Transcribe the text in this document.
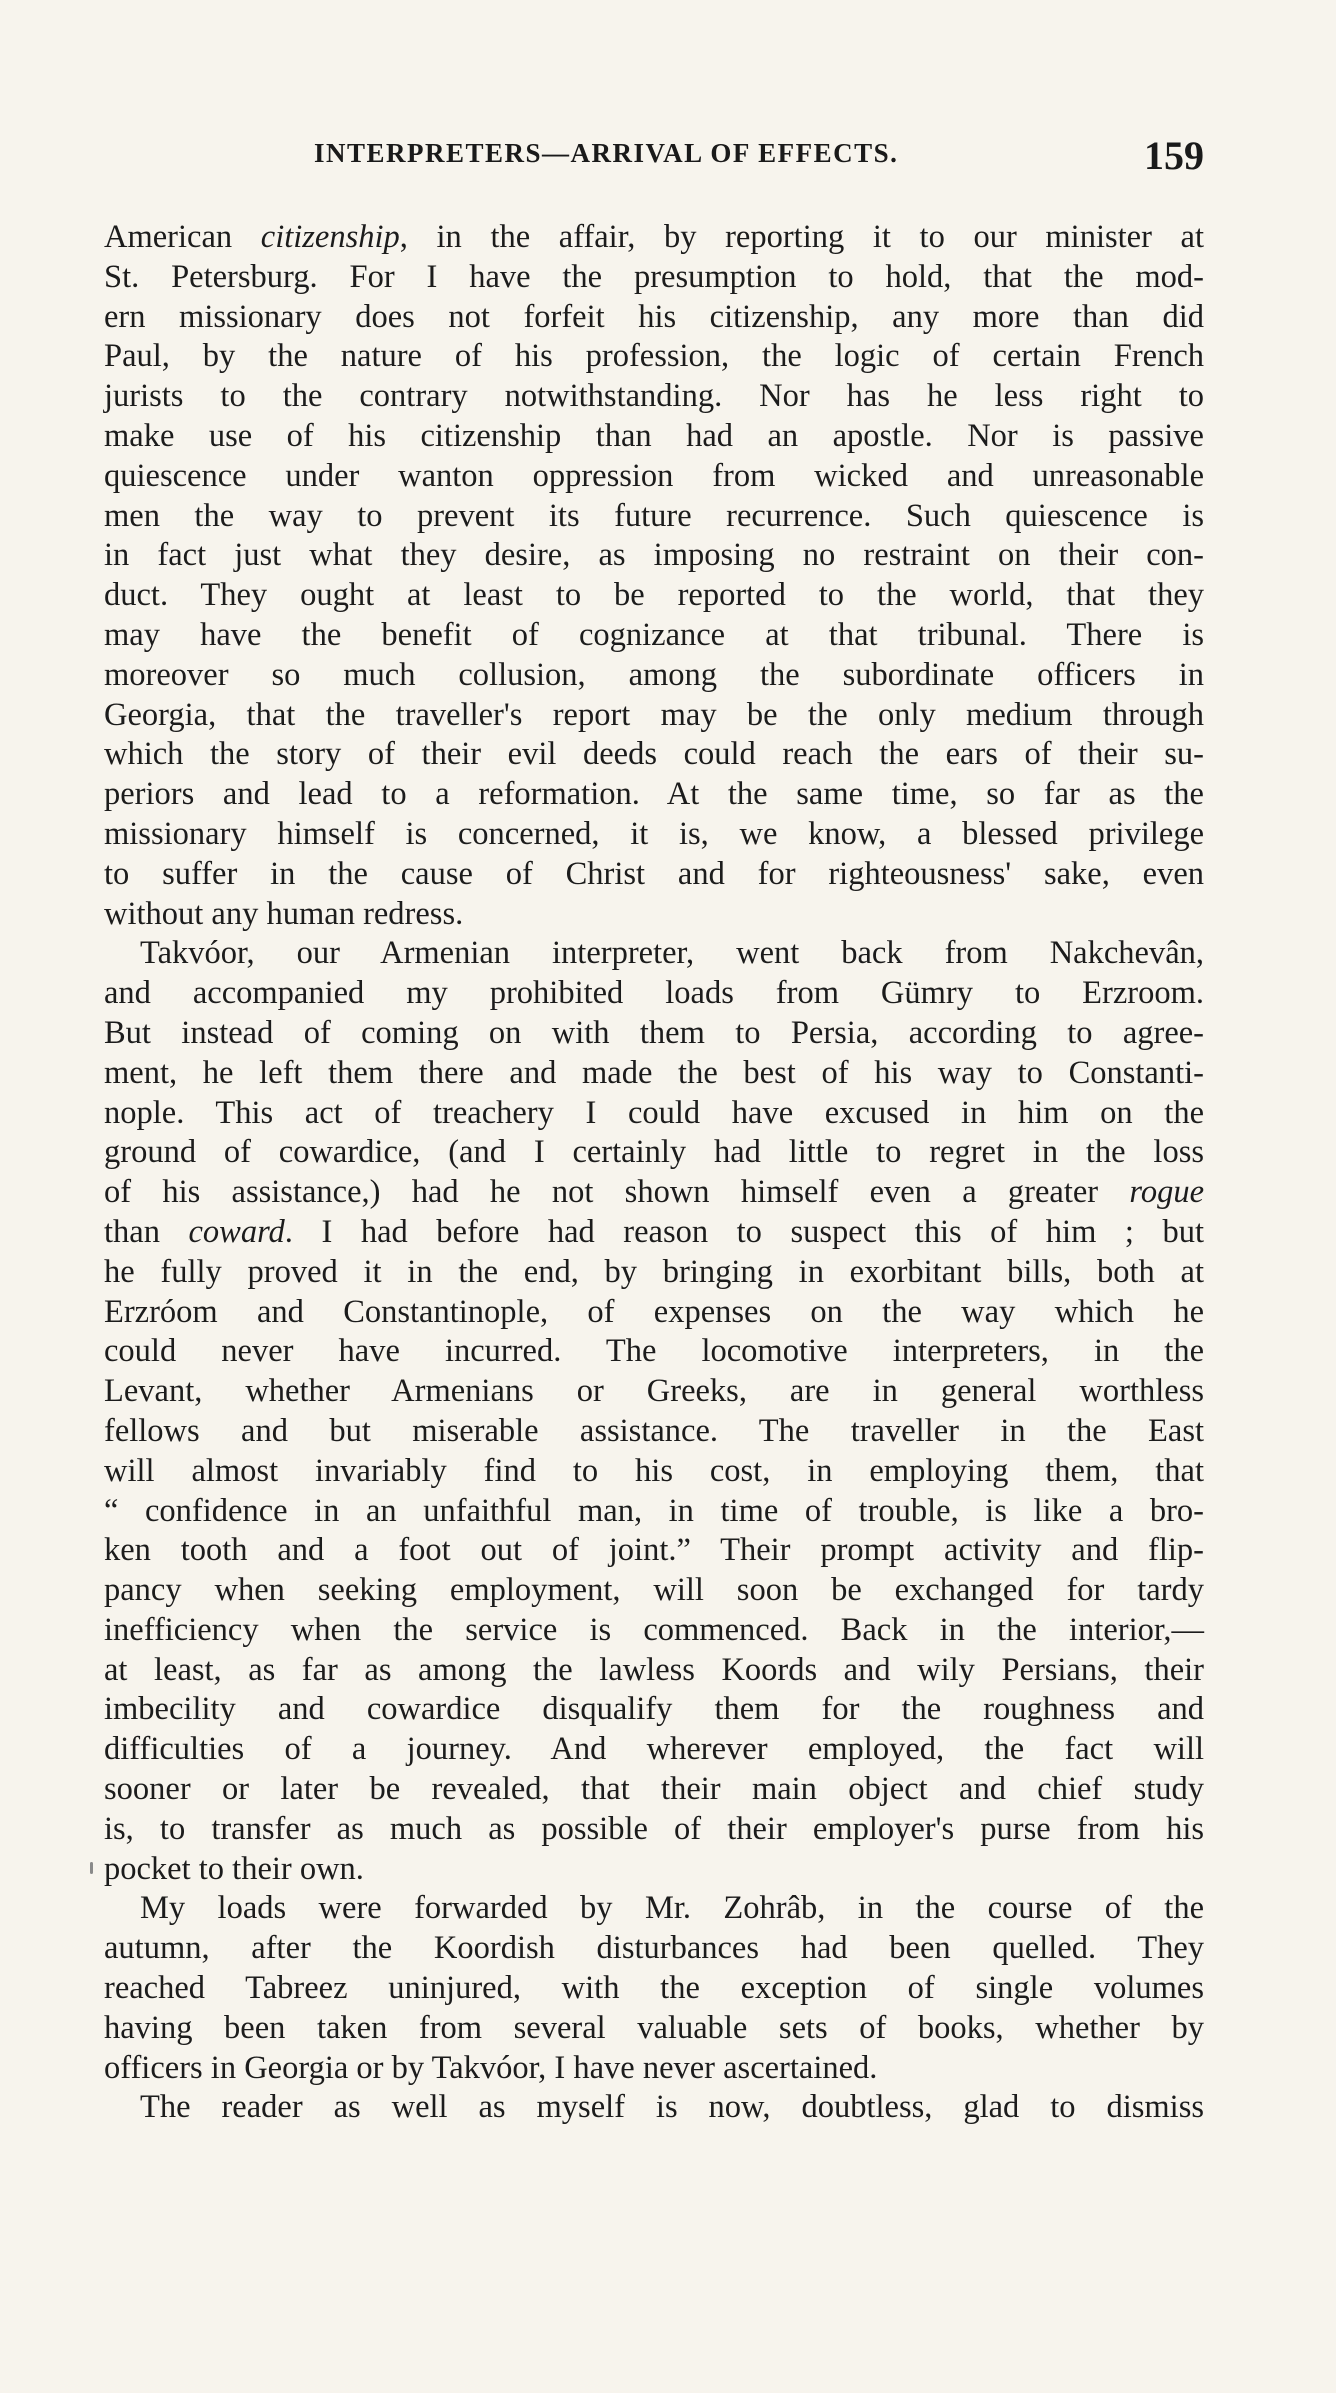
INTERPRETERS—ARRIVAL OF EFFECTS.	159
American citizenship, in the affair, by reporting it to our minister at
St. Petersburg. For I have the presumption to hold, that the mod-
ern missionary does not forfeit his citizenship, any more than did
Paul, by the nature of his profession, the logic of certain French
jurists to the contrary notwithstanding. Nor has he less right to
make use of his citizenship than had an apostle. Nor is passive
quiescence under wanton oppression from wicked and unreasonable
men the way to prevent its future recurrence. Such quiescence is
in fact just what they desire, as imposing no restraint on their con-
duct. They ought at least to be reported to the world, that they
may have the benefit of cognizance at that tribunal. There is
moreover so much collusion, among the subordinate officers in
Georgia, that the traveller's report may be the only medium through
which the story of their evil deeds could reach the ears of their su-
periors and lead to a reformation. At the same time, so far as the
missionary himself is concerned, it is, we know, a blessed privilege
to suffer in the cause of Christ and for righteousness' sake, even
without any human redress.
Takvóor, our Armenian interpreter, went back from Nakchevân,
and accompanied my prohibited loads from Gümry to Erzroom.
But instead of coming on with them to Persia, according to agree-
ment, he left them there and made the best of his way to Constanti-
nople. This act of treachery I could have excused in him on the
ground of cowardice, (and I certainly had little to regret in the loss
of his assistance,) had he not shown himself even a greater rogue
than coward. I had before had reason to suspect this of him ; but
he fully proved it in the end, by bringing in exorbitant bills, both at
Erzróom and Constantinople, of expenses on the way which he
could never have incurred. The locomotive interpreters, in the
Levant, whether Armenians or Greeks, are in general worthless
fellows and but miserable assistance. The traveller in the East
will almost invariably find to his cost, in employing them, that
“ confidence in an unfaithful man, in time of trouble, is like a bro-
ken tooth and a foot out of joint.” Their prompt activity and flip-
pancy when seeking employment, will soon be exchanged for tardy
inefficiency when the service is commenced. Back in the interior,—
at least, as far as among the lawless Koords and wily Persians, their
imbecility and cowardice disqualify them for the roughness and
difficulties of a journey. And wherever employed, the fact will
sooner or later be revealed, that their main object and chief study
is, to transfer as much as possible of their employer's purse from his
pocket to their own.
My loads were forwarded by Mr. Zohrâb, in the course of the
autumn, after the Koordish disturbances had been quelled. They
reached Tabreez uninjured, with the exception of single volumes
having been taken from several valuable sets of books, whether by
officers in Georgia or by Takvóor, I have never ascertained.
The reader as well as myself is now, doubtless, glad to dismiss
